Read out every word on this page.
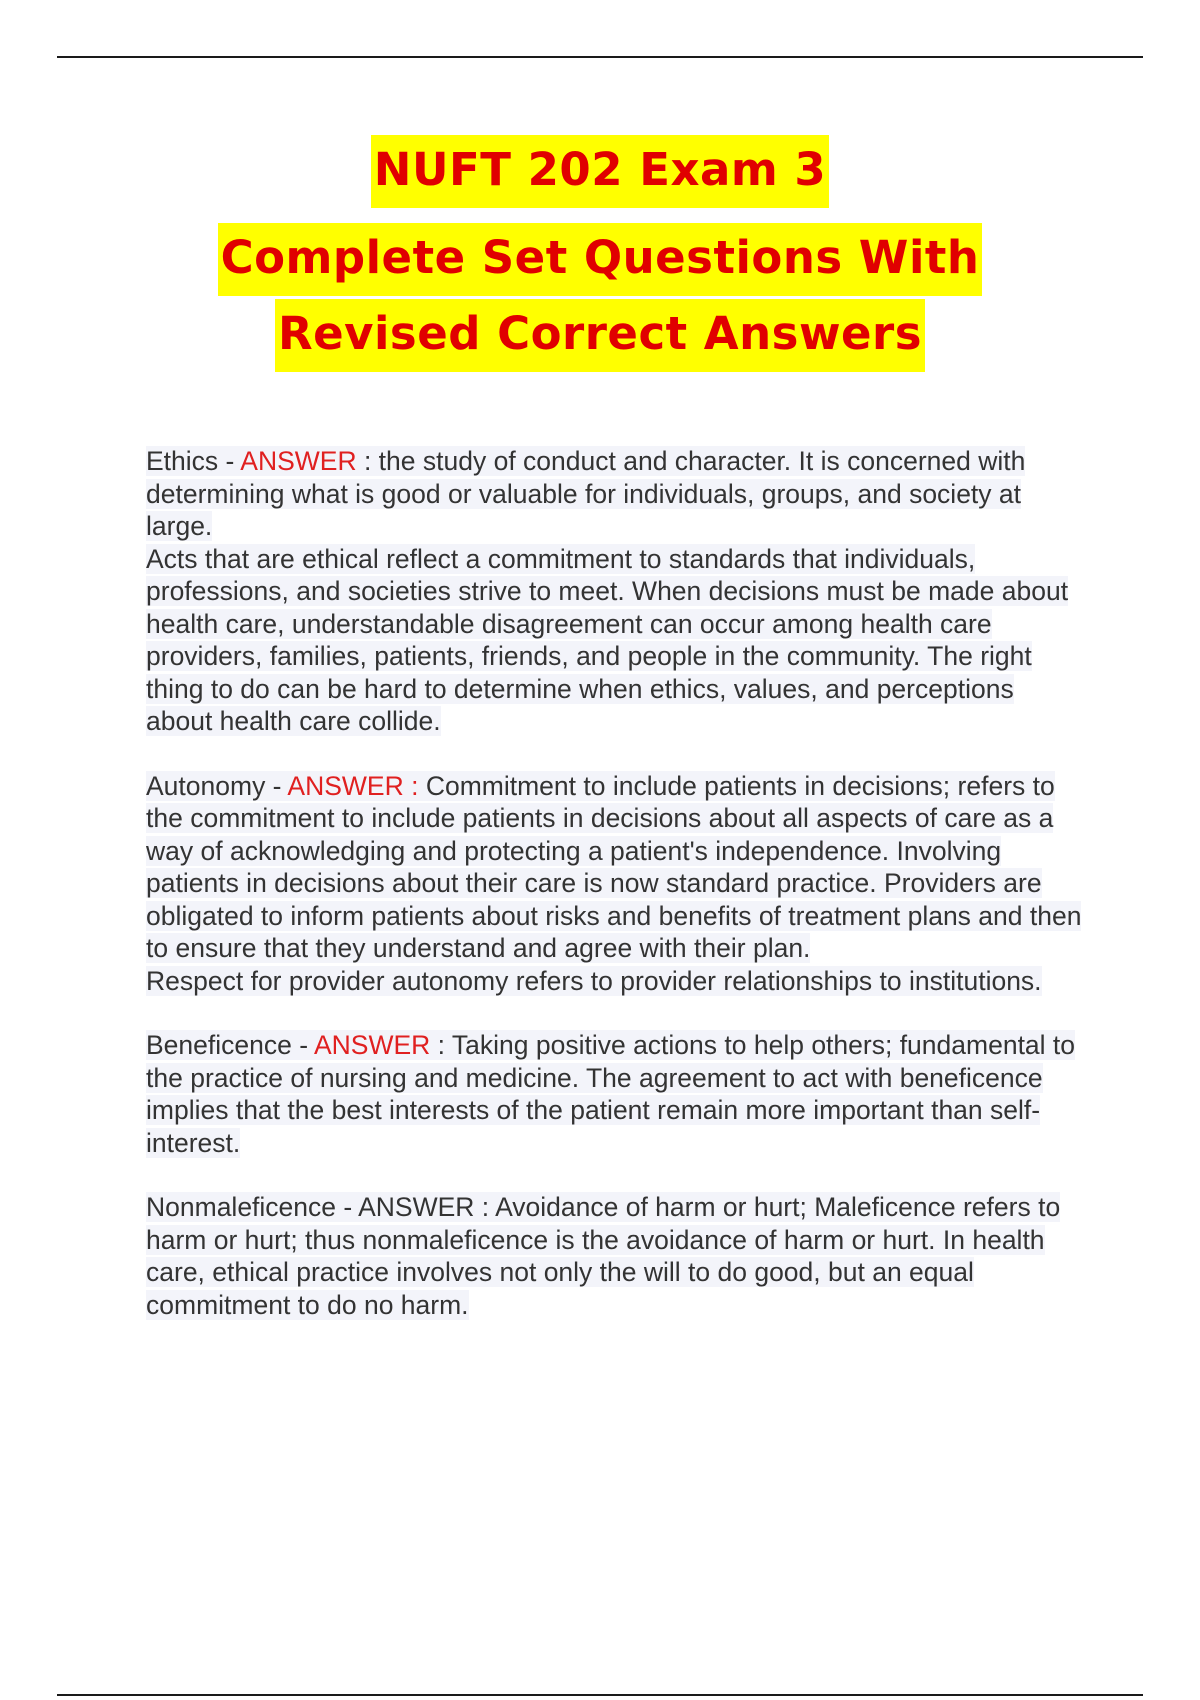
NUFT 202 Exam 3
Complete Set Questions With
Revised Correct Answers
Ethics - ANSWER : the study of conduct and character. It is concerned with determining what is good or valuable for individuals, groups, and society at large.
Acts that are ethical reflect a commitment to standards that individuals, professions, and societies strive to meet. When decisions must be made about health care, understandable disagreement can occur among health care providers, families, patients, friends, and people in the community. The right thing to do can be hard to determine when ethics, values, and perceptions about health care collide.
Autonomy - ANSWER : Commitment to include patients in decisions; refers to the commitment to include patients in decisions about all aspects of care as a way of acknowledging and protecting a patient's independence. Involving patients in decisions about their care is now standard practice. Providers are obligated to inform patients about risks and benefits of treatment plans and then to ensure that they understand and agree with their plan.
Respect for provider autonomy refers to provider relationships to institutions.
Beneficence - ANSWER : Taking positive actions to help others; fundamental to the practice of nursing and medicine. The agreement to act with beneficence implies that the best interests of the patient remain more important than self-interest.
Nonmaleficence - ANSWER : Avoidance of harm or hurt; Maleficence refers to harm or hurt; thus nonmaleficence is the avoidance of harm or hurt. In health care, ethical practice involves not only the will to do good, but an equal commitment to do no harm.
